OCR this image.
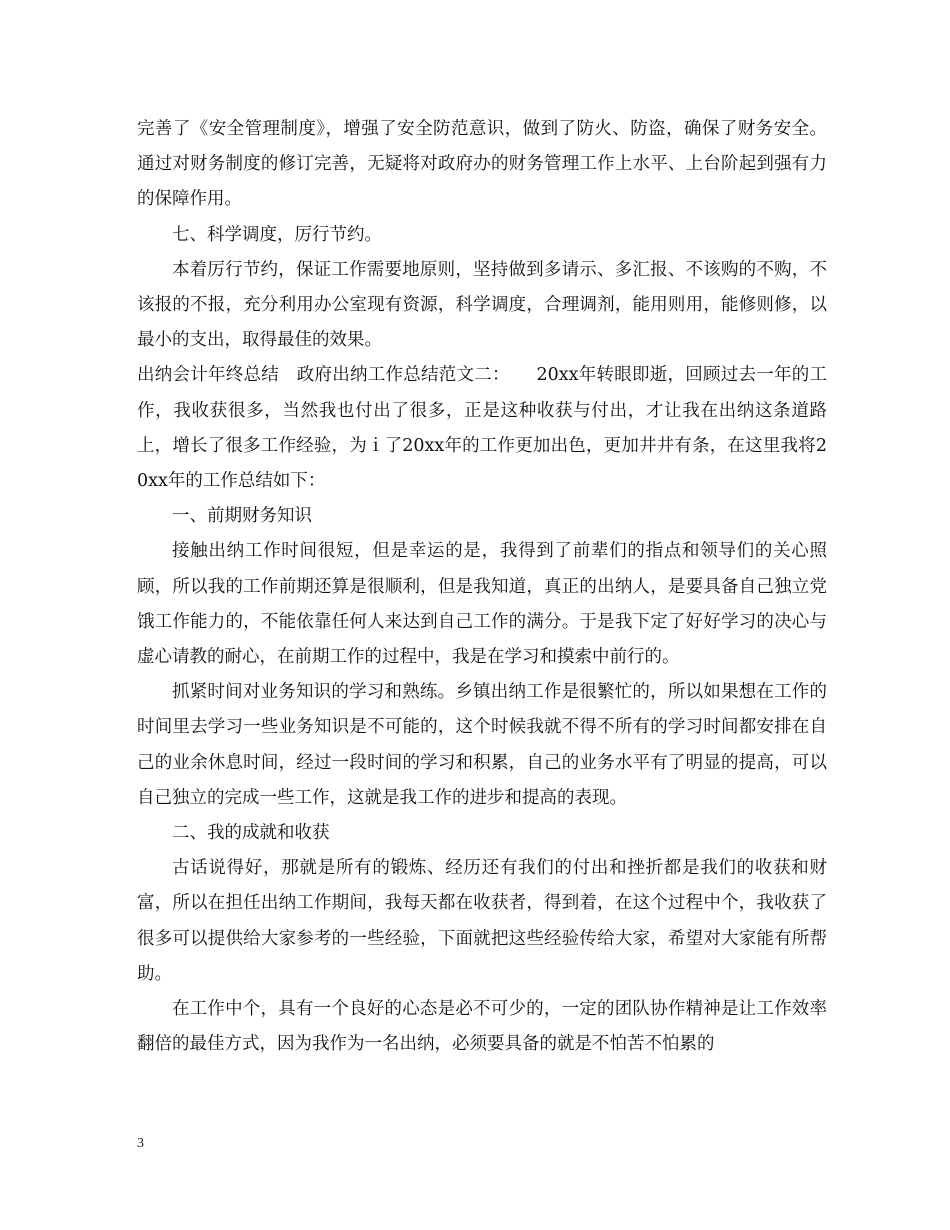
完善了《安全管理制度》，增强了安全防范意识，做到了防火、防盗，确保了财务安全。通过对财务制度的修订完善，无疑将对政府办的财务管理工作上水平、上台阶起到强有力的保障作用。

七、科学调度，厉行节约。

本着厉行节约，保证工作需要地原则，坚持做到多请示、多汇报、不该购的不购，不该报的不报，充分利用办公室现有资源，科学调度，合理调剂，能用则用，能修则修，以最小的支出，取得最佳的效果。

出纳会计年终总结　政府出纳工作总结范文二：　　20xx年转眼即逝，回顾过去一年的工作，我收获很多，当然我也付出了很多，正是这种收获与付出，才让我在出纳这条道路上，增长了很多工作经验，为ｉ了20xx年的工作更加出色，更加井井有条，在这里我将20xx年的工作总结如下：

一、前期财务知识

接触出纳工作时间很短，但是幸运的是，我得到了前辈们的指点和领导们的关心照顾，所以我的工作前期还算是很顺利，但是我知道，真正的出纳人，是要具备自己独立党饿工作能力的，不能依靠任何人来达到自己工作的满分。于是我下定了好好学习的决心与虚心请教的耐心，在前期工作的过程中，我是在学习和摸索中前行的。

抓紧时间对业务知识的学习和熟练。乡镇出纳工作是很繁忙的，所以如果想在工作的时间里去学习一些业务知识是不可能的，这个时候我就不得不所有的学习时间都安排在自己的业余休息时间，经过一段时间的学习和积累，自己的业务水平有了明显的提高，可以自己独立的完成一些工作，这就是我工作的进步和提高的表现。

二、我的成就和收获

古话说得好，那就是所有的锻炼、经历还有我们的付出和挫折都是我们的收获和财富，所以在担任出纳工作期间，我每天都在收获者，得到着，在这个过程中个，我收获了很多可以提供给大家参考的一些经验，下面就把这些经验传给大家，希望对大家能有所帮助。

在工作中个，具有一个良好的心态是必不可少的，一定的团队协作精神是让工作效率翻倍的最佳方式，因为我作为一名出纳，必须要具备的就是不怕苦不怕累的

3
